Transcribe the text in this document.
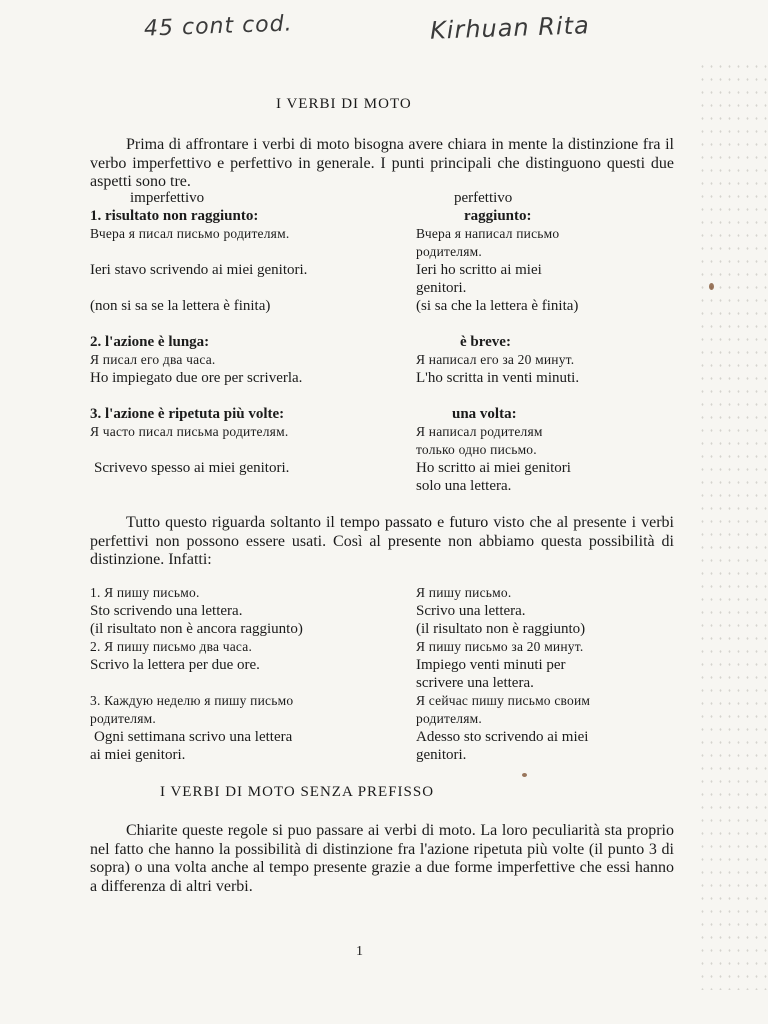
45 cont cod.	Kirhuan Rita
I VERBI DI MOTO

Prima di affrontare i verbi di moto bisogna avere chiara in mente la distinzione fra il verbo imperfettivo e perfettivo in generale. I punti principali che distinguono questi due aspetti sono tre.

imperfettivo
1. risultato non raggiunto:
Вчера я писал письмо родителям.
Ieri stavo scrivendo ai miei genitori.
(non si sa se la lettera è finita)
2. l'azione è lunga:
Я писал его два часа.
Ho impiegato due ore per scriverla.
3. l'azione è ripetuta più volte:
Я часто писал письма родителям.
Scrivevo spesso ai miei genitori.
perfettivo
raggiunto:
Вчера я написал письмо
родителям.
Ieri ho scritto ai miei
genitori.
(si sa che la lettera è finita)
è breve:
Я написал его за 20 минут.
L'ho scritta in venti minuti.
una volta:
Я написал родителям
только одно письмо.
Ho scritto ai miei genitori
solo una lettera.

Tutto questo riguarda soltanto il tempo passato e futuro visto che al presente i verbi perfettivi non possono essere usati. Così al presente non abbiamo questa possibilità di distinzione. Infatti:

1. Я пишу письмо.
Sto scrivendo una lettera.
(il risultato non è ancora raggiunto)
2. Я пишу письмо два часа.
Scrivo la lettera per due ore.
3. Каждую неделю я пишу письмо
родителям.
Ogni settimana scrivo una lettera
ai miei genitori.
Я пишу письмо.
Scrivo una lettera.
(il risultato non è raggiunto)
Я пишу письмо за 20 минут.
Impiego venti minuti per
scrivere una lettera.
Я сейчас пишу письмо своим
родителям.
Adesso sto scrivendo ai miei
genitori.
I VERBI DI MOTO SENZA PREFISSO

Chiarite queste regole si puo passare ai verbi di moto. La loro peculiarità sta proprio nel fatto che hanno la possibilità di distinzione fra l'azione ripetuta più volte (il punto 3 di sopra) o una volta anche al tempo presente grazie a due forme imperfettive che essi hanno a differenza di altri verbi.

1
